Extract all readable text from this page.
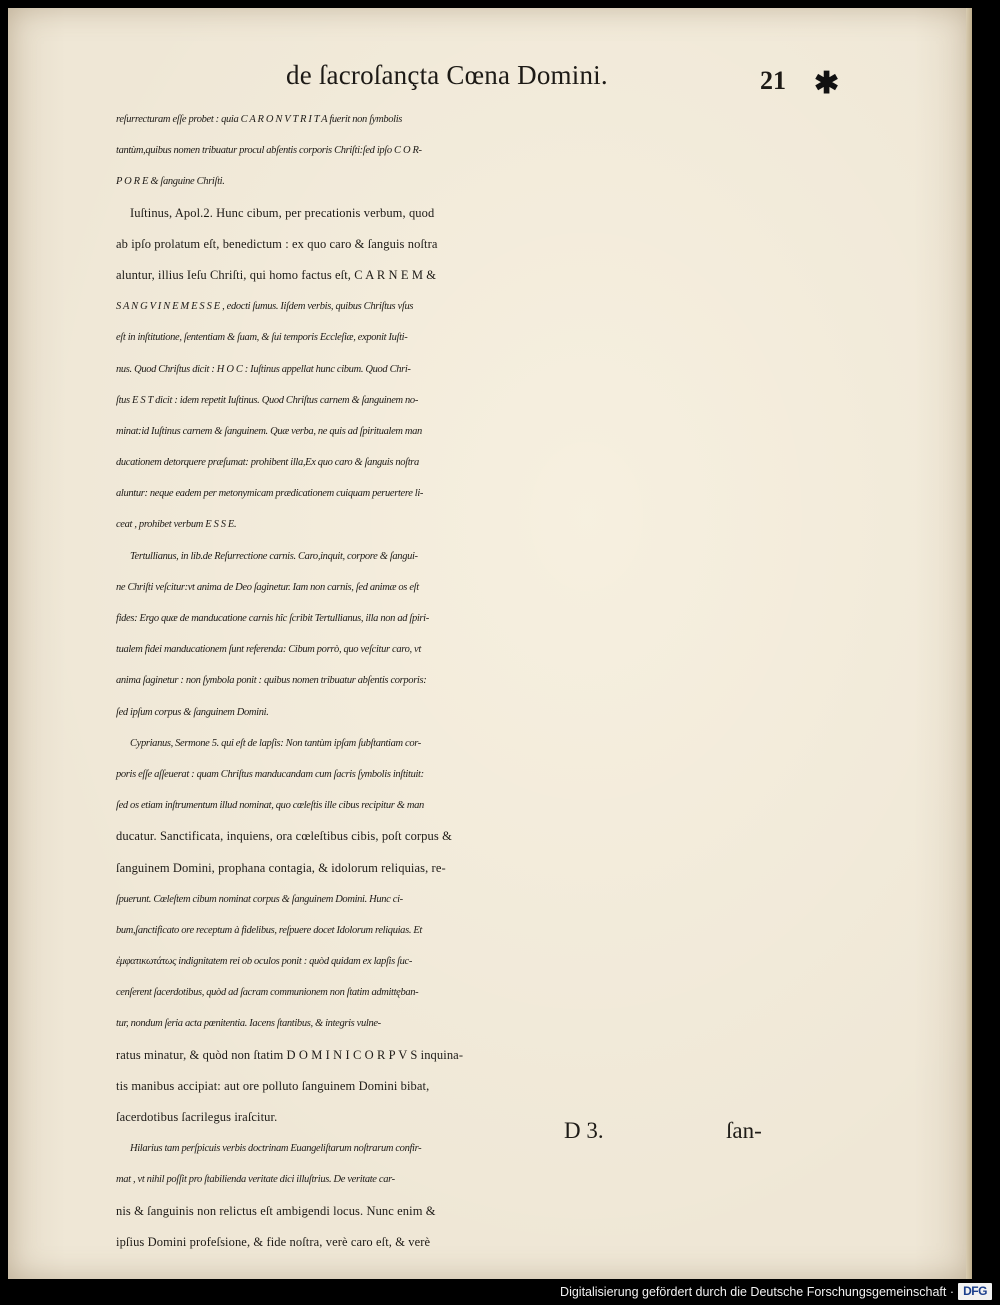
de ſacroſançta Cœna Domini.	21 ✱
reſurrecturam eſſe probet : quia C A R O N V T R I T A fuerit non ſymbolis
tantùm,quibus nomen tribuatur procul abſentis corporis Chriſti:ſed ipſo C O R-
P O R E & ſanguine Chriſti.
Iuſtinus, Apol.2. Hunc cibum, per precationis verbum, quod
ab ipſo prolatum eſt, benedictum : ex quo caro & ſanguis noſtra
aluntur, illius Ieſu Chriſti, qui homo factus eſt, C A R N E M &
S A N G V I N E M E S S E , edocti ſumus. Iiſdem verbis, quibus Chriſtus vſus
eſt in inſtitutione, ſententiam & ſuam, & ſui temporis Eccleſiæ, exponit Iuſti-
nus. Quod Chriſtus dicit : H O C : Iuſtinus appellat hunc cibum. Quod Chri-
ſtus E S T dicit : idem repetit Iuſtinus. Quod Chriſtus carnem & ſanguinem no-
minat:id Iuſtinus carnem & ſanguinem. Quæ verba, ne quis ad ſpiritualem man
ducationem detorquere præſumat: prohibent illa,Ex quo caro & ſanguis noſtra
aluntur: neque eadem per metonymicam prædicationem cuiquam peruertere li-
ceat , prohibet verbum E S S E.
Tertullianus, in lib.de Reſurrectione carnis. Caro,inquit, corpore & ſangui-
ne Chriſti veſcitur:vt anima de Deo ſaginetur. Iam non carnis, ſed animæ os eſt
fides: Ergo quæ de manducatione carnis hîc ſcribit Tertullianus, illa non ad ſpiri-
tualem fidei manducationem ſunt referenda: Cibum porrò, quo veſcitur caro, vt
anima ſaginetur : non ſymbola ponit : quibus nomen tribuatur abſentis corporis:
ſed ipſum corpus & ſanguinem Domini.
Cyprianus, Sermone 5. qui eſt de lapſis: Non tantùm ipſam ſubſtantiam cor-
poris eſſe aſſeuerat : quam Chriſtus manducandam cum ſacris ſymbolis inſtituit:
ſed os etiam inſtrumentum illud nominat, quo cœleſtis ille cibus recipitur & man
ducatur. Sanctificata, inquiens, ora cœleſtibus cibis, poſt corpus &
ſanguinem Domini, prophana contagia, & idolorum reliquias, re-
ſpuerunt. Cœleſtem cibum nominat corpus & ſanguinem Domini. Hunc ci-
bum,ſanctificato ore receptum à fidelibus, reſpuere docet Idolorum reliquias. Et
ἐμφατικωτάτως indignitatem rei ob oculos ponit : quòd quidam ex lapſis ſuc-
cenſerent ſacerdotibus, quòd ad ſacram communionem non ſtatim admittęban-
tur, nondum ſeria acta pœnitentia. Iacens ſtantibus, & integris vulne-
ratus minatur, & quòd non ſtatim D O M I N I C O R P V S inquina-
tis manibus accipiat: aut ore polluto ſanguinem Domini bibat,
ſacerdotibus ſacrilegus iraſcitur.
Hilarius tam perſpicuis verbis doctrinam Euangeliſtarum noſtrarum confir-
mat , vt nihil poſſit pro ſtabilienda veritate dici illuſtrius. De veritate car-
nis & ſanguinis non relictus eſt ambigendi locus. Nunc enim &
ipſius Domini profeſsione, & fide noſtra, verè caro eſt, & verè
D 3.	ſan-
Digitalisierung gefördert durch die Deutsche Forschungsgemeinschaft · DFG
